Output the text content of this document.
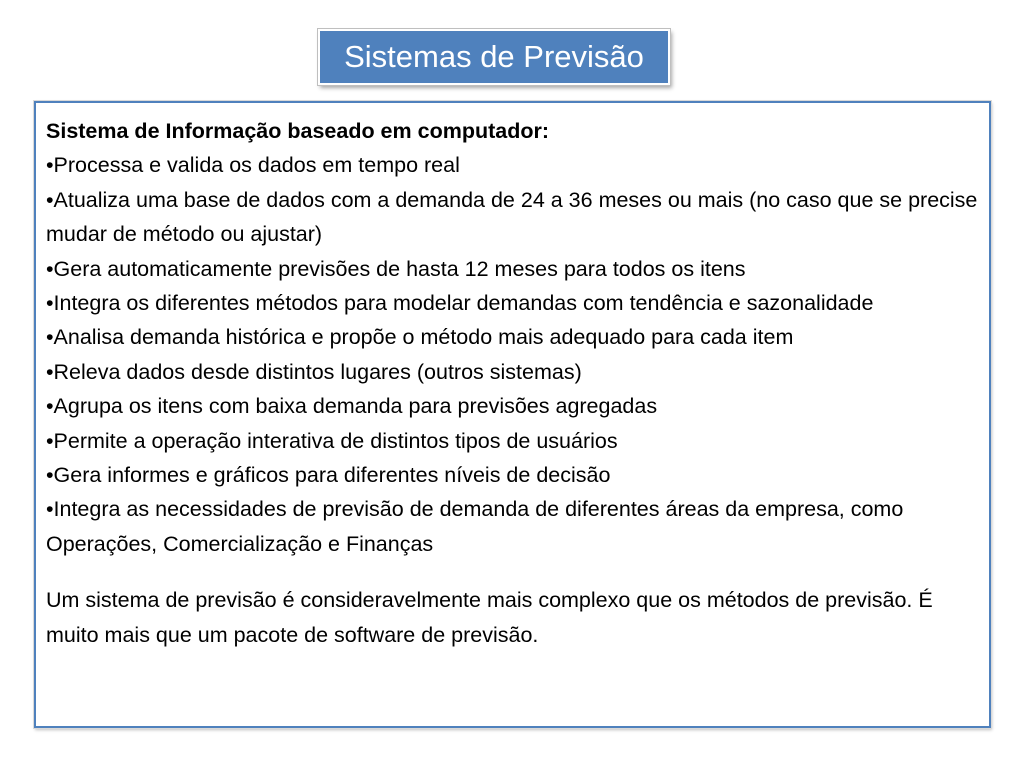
Sistemas de Previsão

Sistema de Informação baseado em computador:

•Processa e valida os dados em tempo real

•Atualiza uma base de dados com a demanda de 24 a 36 meses ou mais (no caso que se precise mudar de método ou ajustar)

•Gera automaticamente previsões de hasta 12 meses para todos os itens

•Integra os diferentes métodos para modelar demandas com tendência e sazonalidade

•Analisa demanda histórica e propõe o método mais adequado para cada item

•Releva dados desde distintos lugares (outros sistemas)

•Agrupa os itens com baixa demanda para previsões agregadas

•Permite a operação interativa de distintos tipos de usuários

•Gera informes e gráficos para diferentes níveis de decisão

•Integra as necessidades de previsão de demanda de diferentes áreas da empresa, como Operações, Comercialização e Finanças

Um sistema de previsão é consideravelmente mais complexo que os métodos de previsão. É muito mais que um pacote de software de previsão.
